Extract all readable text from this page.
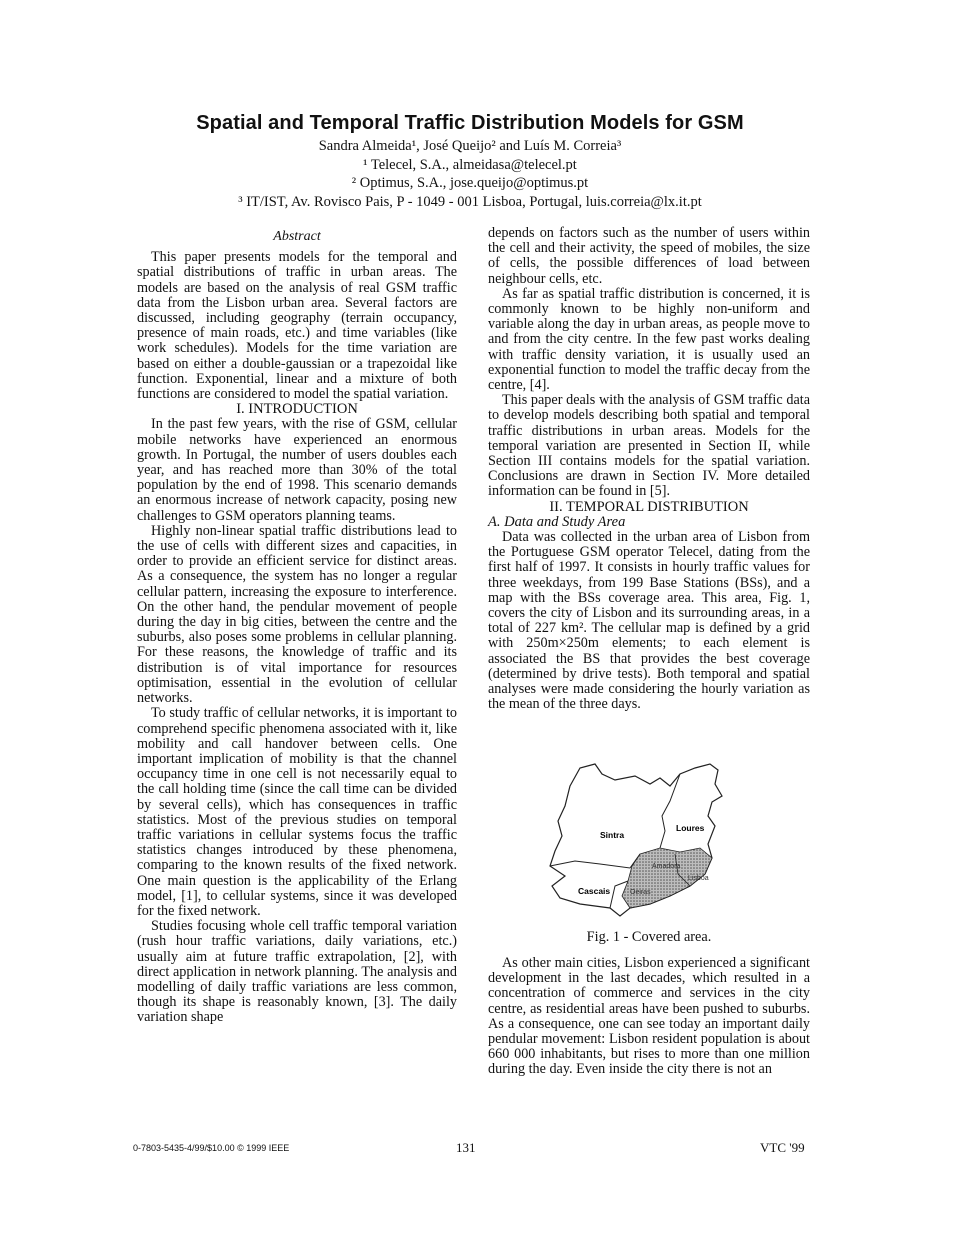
Spatial and Temporal Traffic Distribution Models for GSM
Sandra Almeida¹, José Queijo² and Luís M. Correia³
¹ Telecel, S.A., almeidasa@telecel.pt
² Optimus, S.A., jose.queijo@optimus.pt
³ IT/IST, Av. Rovisco Pais, P - 1049 - 001 Lisboa, Portugal, luis.correia@lx.it.pt
Abstract

This paper presents models for the temporal and spatial distributions of traffic in urban areas. The models are based on the analysis of real GSM traffic data from the Lisbon urban area. Several factors are discussed, including geography (terrain occupancy, presence of main roads, etc.) and time variables (like work schedules). Models for the time variation are based on either a double-gaussian or a trapezoidal like function. Exponential, linear and a mixture of both functions are considered to model the spatial variation.

I. INTRODUCTION

In the past few years, with the rise of GSM, cellular mobile networks have experienced an enormous growth. In Portugal, the number of users doubles each year, and has reached more than 30% of the total population by the end of 1998. This scenario demands an enormous increase of network capacity, posing new challenges to GSM operators planning teams.

Highly non-linear spatial traffic distributions lead to the use of cells with different sizes and capacities, in order to provide an efficient service for distinct areas. As a consequence, the system has no longer a regular cellular pattern, increasing the exposure to interference. On the other hand, the pendular movement of people during the day in big cities, between the centre and the suburbs, also poses some problems in cellular planning. For these reasons, the knowledge of traffic and its distribution is of vital importance for resources optimisation, essential in the evolution of cellular networks.

To study traffic of cellular networks, it is important to comprehend specific phenomena associated with it, like mobility and call handover between cells. One important implication of mobility is that the channel occupancy time in one cell is not necessarily equal to the call holding time (since the call time can be divided by several cells), which has consequences in traffic statistics. Most of the previous studies on temporal traffic variations in cellular systems focus the traffic statistics changes introduced by these phenomena, comparing to the known results of the fixed network. One main question is the applicability of the Erlang model, [1], to cellular systems, since it was developed for the fixed network.

Studies focusing whole cell traffic temporal variation (rush hour traffic variations, daily variations, etc.) usually aim at future traffic extrapolation, [2], with direct application in network planning. The analysis and modelling of daily traffic variations are less common, though its shape is reasonably known, [3]. The daily variation shape

depends on factors such as the number of users within the cell and their activity, the speed of mobiles, the size of cells, the possible differences of load between neighbour cells, etc.

As far as spatial traffic distribution is concerned, it is commonly known to be highly non-uniform and variable along the day in urban areas, as people move to and from the city centre. In the few past works dealing with traffic density variation, it is usually used an exponential function to model the traffic decay from the centre, [4].

This paper deals with the analysis of GSM traffic data to develop models describing both spatial and temporal traffic distributions in urban areas. Models for the temporal variation are presented in Section II, while Section III contains models for the spatial variation. Conclusions are drawn in Section IV. More detailed information can be found in [5].

II. TEMPORAL DISTRIBUTION

A. Data and Study Area

Data was collected in the urban area of Lisbon from the Portuguese GSM operator Telecel, dating from the first half of 1997. It consists in hourly traffic values for three weekdays, from 199 Base Stations (BSs), and a map with the BSs coverage area. This area, Fig. 1, covers the city of Lisbon and its surrounding areas, in a total of 227 km². The cellular map is defined by a grid with 250m×250m elements; to each element is associated the BS that provides the best coverage (determined by drive tests). Both temporal and spatial analyses were made considering the hourly variation as the mean of the three days.

Sintra
Loures
Cascais	Oeiras
Amadora
Lisboa
Fig. 1 - Covered area.

As other main cities, Lisbon experienced a significant development in the last decades, which resulted in a concentration of commerce and services in the city centre, as residential areas have been pushed to suburbs. As a consequence, one can see today an important daily pendular movement: Lisbon resident population is about 660 000 inhabitants, but rises to more than one million during the day. Even inside the city there is not an

0-7803-5435-4/99/$10.00 © 1999 IEEE	131	VTC '99
